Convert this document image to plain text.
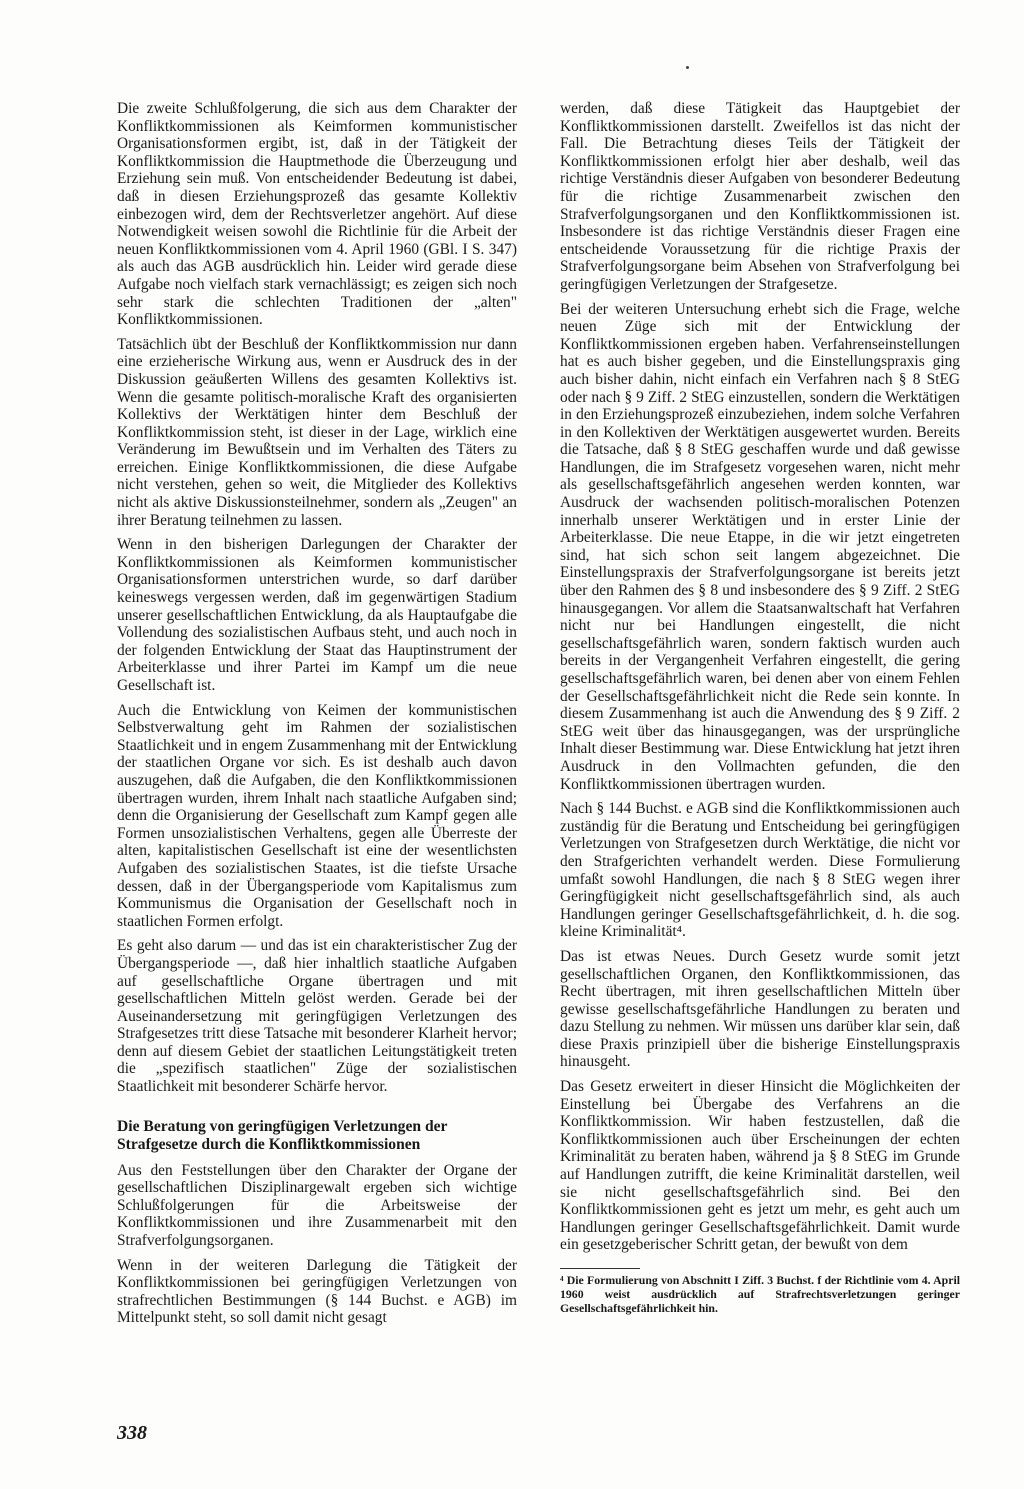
Die zweite Schlußfolgerung, die sich aus dem Charakter der Konfliktkommissionen als Keimformen kommunistischer Organisationsformen ergibt, ist, daß in der Tätigkeit der Konfliktkommission die Hauptmethode die Überzeugung und Erziehung sein muß. Von entscheidender Bedeutung ist dabei, daß in diesen Erziehungsprozeß das gesamte Kollektiv einbezogen wird, dem der Rechtsverletzer angehört. Auf diese Notwendigkeit weisen sowohl die Richtlinie für die Arbeit der neuen Konfliktkommissionen vom 4. April 1960 (GBl. I S. 347) als auch das AGB ausdrücklich hin. Leider wird gerade diese Aufgabe noch vielfach stark vernachlässigt; es zeigen sich noch sehr stark die schlechten Traditionen der „alten" Konfliktkommissionen.

Tatsächlich übt der Beschluß der Konfliktkommission nur dann eine erzieherische Wirkung aus, wenn er Ausdruck des in der Diskussion geäußerten Willens des gesamten Kollektivs ist. Wenn die gesamte politisch-moralische Kraft des organisierten Kollektivs der Werktätigen hinter dem Beschluß der Konfliktkommission steht, ist dieser in der Lage, wirklich eine Veränderung im Bewußtsein und im Verhalten des Täters zu erreichen. Einige Konfliktkommissionen, die diese Aufgabe nicht verstehen, gehen so weit, die Mitglieder des Kollektivs nicht als aktive Diskussionsteilnehmer, sondern als „Zeugen" an ihrer Beratung teilnehmen zu lassen.

Wenn in den bisherigen Darlegungen der Charakter der Konfliktkommissionen als Keimformen kommunistischer Organisationsformen unterstrichen wurde, so darf darüber keineswegs vergessen werden, daß im gegenwärtigen Stadium unserer gesellschaftlichen Entwicklung, da als Hauptaufgabe die Vollendung des sozialistischen Aufbaus steht, und auch noch in der folgenden Entwicklung der Staat das Hauptinstrument der Arbeiterklasse und ihrer Partei im Kampf um die neue Gesellschaft ist.

Auch die Entwicklung von Keimen der kommunistischen Selbstverwaltung geht im Rahmen der sozialistischen Staatlichkeit und in engem Zusammenhang mit der Entwicklung der staatlichen Organe vor sich. Es ist deshalb auch davon auszugehen, daß die Aufgaben, die den Konfliktkommissionen übertragen wurden, ihrem Inhalt nach staatliche Aufgaben sind; denn die Organisierung der Gesellschaft zum Kampf gegen alle Formen unsozialistischen Verhaltens, gegen alle Überreste der alten, kapitalistischen Gesellschaft ist eine der wesentlichsten Aufgaben des sozialistischen Staates, ist die tiefste Ursache dessen, daß in der Übergangsperiode vom Kapitalismus zum Kommunismus die Organisation der Gesellschaft noch in staatlichen Formen erfolgt.

Es geht also darum — und das ist ein charakteristischer Zug der Übergangsperiode —, daß hier inhaltlich staatliche Aufgaben auf gesellschaftliche Organe übertragen und mit gesellschaftlichen Mitteln gelöst werden. Gerade bei der Auseinandersetzung mit geringfügigen Verletzungen des Strafgesetzes tritt diese Tatsache mit besonderer Klarheit hervor; denn auf diesem Gebiet der staatlichen Leitungstätigkeit treten die „spezifisch staatlichen" Züge der sozialistischen Staatlichkeit mit besonderer Schärfe hervor.

Die Beratung von geringfügigen Verletzungen der Strafgesetze durch die Konfliktkommissionen

Aus den Feststellungen über den Charakter der Organe der gesellschaftlichen Disziplinargewalt ergeben sich wichtige Schlußfolgerungen für die Arbeitsweise der Konfliktkommissionen und ihre Zusammenarbeit mit den Strafverfolgungsorganen.

Wenn in der weiteren Darlegung die Tätigkeit der Konfliktkommissionen bei geringfügigen Verletzungen von strafrechtlichen Bestimmungen (§ 144 Buchst. e AGB) im Mittelpunkt steht, so soll damit nicht gesagt

werden, daß diese Tätigkeit das Hauptgebiet der Konfliktkommissionen darstellt. Zweifellos ist das nicht der Fall. Die Betrachtung dieses Teils der Tätigkeit der Konfliktkommissionen erfolgt hier aber deshalb, weil das richtige Verständnis dieser Aufgaben von besonderer Bedeutung für die richtige Zusammenarbeit zwischen den Strafverfolgungsorganen und den Konfliktkommissionen ist. Insbesondere ist das richtige Verständnis dieser Fragen eine entscheidende Voraussetzung für die richtige Praxis der Strafverfolgungsorgane beim Absehen von Strafverfolgung bei geringfügigen Verletzungen der Strafgesetze.

Bei der weiteren Untersuchung erhebt sich die Frage, welche neuen Züge sich mit der Entwicklung der Konfliktkommissionen ergeben haben. Verfahrenseinstellungen hat es auch bisher gegeben, und die Einstellungspraxis ging auch bisher dahin, nicht einfach ein Verfahren nach § 8 StEG oder nach § 9 Ziff. 2 StEG einzustellen, sondern die Werktätigen in den Erziehungsprozeß einzubeziehen, indem solche Verfahren in den Kollektiven der Werktätigen ausgewertet wurden. Bereits die Tatsache, daß § 8 StEG geschaffen wurde und daß gewisse Handlungen, die im Strafgesetz vorgesehen waren, nicht mehr als gesellschaftsgefährlich angesehen werden konnten, war Ausdruck der wachsenden politisch-moralischen Potenzen innerhalb unserer Werktätigen und in erster Linie der Arbeiterklasse. Die neue Etappe, in die wir jetzt eingetreten sind, hat sich schon seit langem abgezeichnet. Die Einstellungspraxis der Strafverfolgungsorgane ist bereits jetzt über den Rahmen des § 8 und insbesondere des § 9 Ziff. 2 StEG hinausgegangen. Vor allem die Staatsanwaltschaft hat Verfahren nicht nur bei Handlungen eingestellt, die nicht gesellschaftsgefährlich waren, sondern faktisch wurden auch bereits in der Vergangenheit Verfahren eingestellt, die gering gesellschaftsgefährlich waren, bei denen aber von einem Fehlen der Gesellschaftsgefährlichkeit nicht die Rede sein konnte. In diesem Zusammenhang ist auch die Anwendung des § 9 Ziff. 2 StEG weit über das hinausgegangen, was der ursprüngliche Inhalt dieser Bestimmung war. Diese Entwicklung hat jetzt ihren Ausdruck in den Vollmachten gefunden, die den Konfliktkommissionen übertragen wurden.

Nach § 144 Buchst. e AGB sind die Konfliktkommissionen auch zuständig für die Beratung und Entscheidung bei geringfügigen Verletzungen von Strafgesetzen durch Werktätige, die nicht vor den Strafgerichten verhandelt werden. Diese Formulierung umfaßt sowohl Handlungen, die nach § 8 StEG wegen ihrer Geringfügigkeit nicht gesellschaftsgefährlich sind, als auch Handlungen geringer Gesellschaftsgefährlichkeit, d. h. die sog. kleine Kriminalität⁴.

Das ist etwas Neues. Durch Gesetz wurde somit jetzt gesellschaftlichen Organen, den Konfliktkommissionen, das Recht übertragen, mit ihren gesellschaftlichen Mitteln über gewisse gesellschaftsgefährliche Handlungen zu beraten und dazu Stellung zu nehmen. Wir müssen uns darüber klar sein, daß diese Praxis prinzipiell über die bisherige Einstellungspraxis hinausgeht.

Das Gesetz erweitert in dieser Hinsicht die Möglichkeiten der Einstellung bei Übergabe des Verfahrens an die Konfliktkommission. Wir haben festzustellen, daß die Konfliktkommissionen auch über Erscheinungen der echten Kriminalität zu beraten haben, während ja § 8 StEG im Grunde auf Handlungen zutrifft, die keine Kriminalität darstellen, weil sie nicht gesellschaftsgefährlich sind. Bei den Konfliktkommissionen geht es jetzt um mehr, es geht auch um Handlungen geringer Gesellschaftsgefährlichkeit. Damit wurde ein gesetzgeberischer Schritt getan, der bewußt von dem

⁴ Die Formulierung von Abschnitt I Ziff. 3 Buchst. f der Richtlinie vom 4. April 1960 weist ausdrücklich auf Strafrechtsverletzungen geringer Gesellschaftsgefährlichkeit hin.

338
